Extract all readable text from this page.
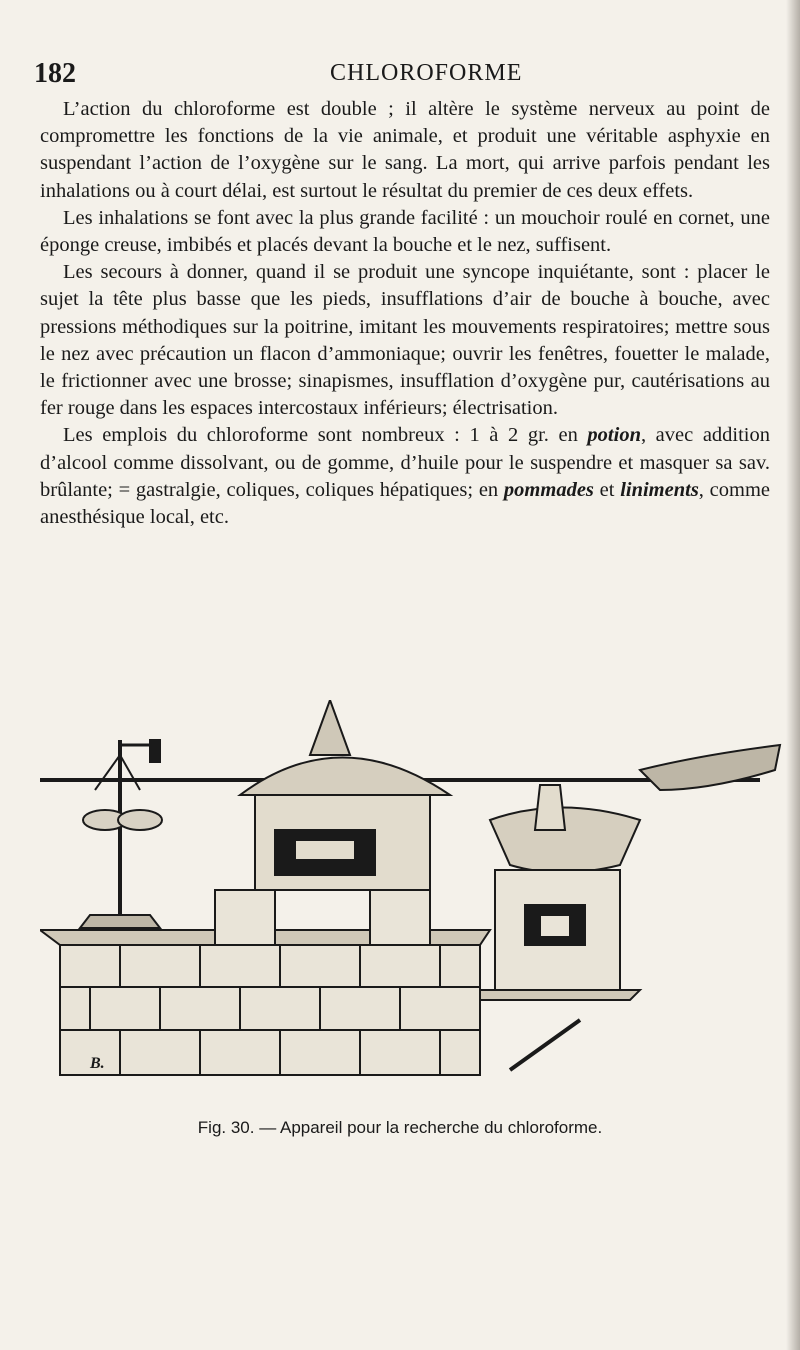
182	CHLOROFORME

L’action du chloroforme est double ; il altère le système nerveux au point de compromettre les fonctions de la vie animale, et produit une véritable asphyxie en suspendant l’action de l’oxygène sur le sang. La mort, qui arrive parfois pendant les inhalations ou à court délai, est surtout le résultat du premier de ces deux effets.

Les inhalations se font avec la plus grande facilité : un mouchoir roulé en cornet, une éponge creuse, imbibés et placés devant la bouche et le nez, suffisent.

Les secours à donner, quand il se produit une syncope inquiétante, sont : placer le sujet la tête plus basse que les pieds, insufflations d’air de bouche à bouche, avec pressions méthodiques sur la poitrine, imitant les mouvements respiratoires; mettre sous le nez avec précaution un flacon d’ammoniaque; ouvrir les fenêtres, fouetter le malade, le frictionner avec une brosse; sinapismes, insufflation d’oxygène pur, cautérisations au fer rouge dans les espaces intercostaux inférieurs; électrisation.

Les emplois du chloroforme sont nombreux : 1 à 2 gr. en potion, avec addition d’alcool comme dissolvant, ou de gomme, d’huile pour le suspendre et masquer sa sav. brûlante; = gastralgie, coliques, coliques hépatiques; en pommades et liniments, comme anesthésique local, etc.

B.
Fig. 30. — Appareil pour la recherche du chloroforme.
